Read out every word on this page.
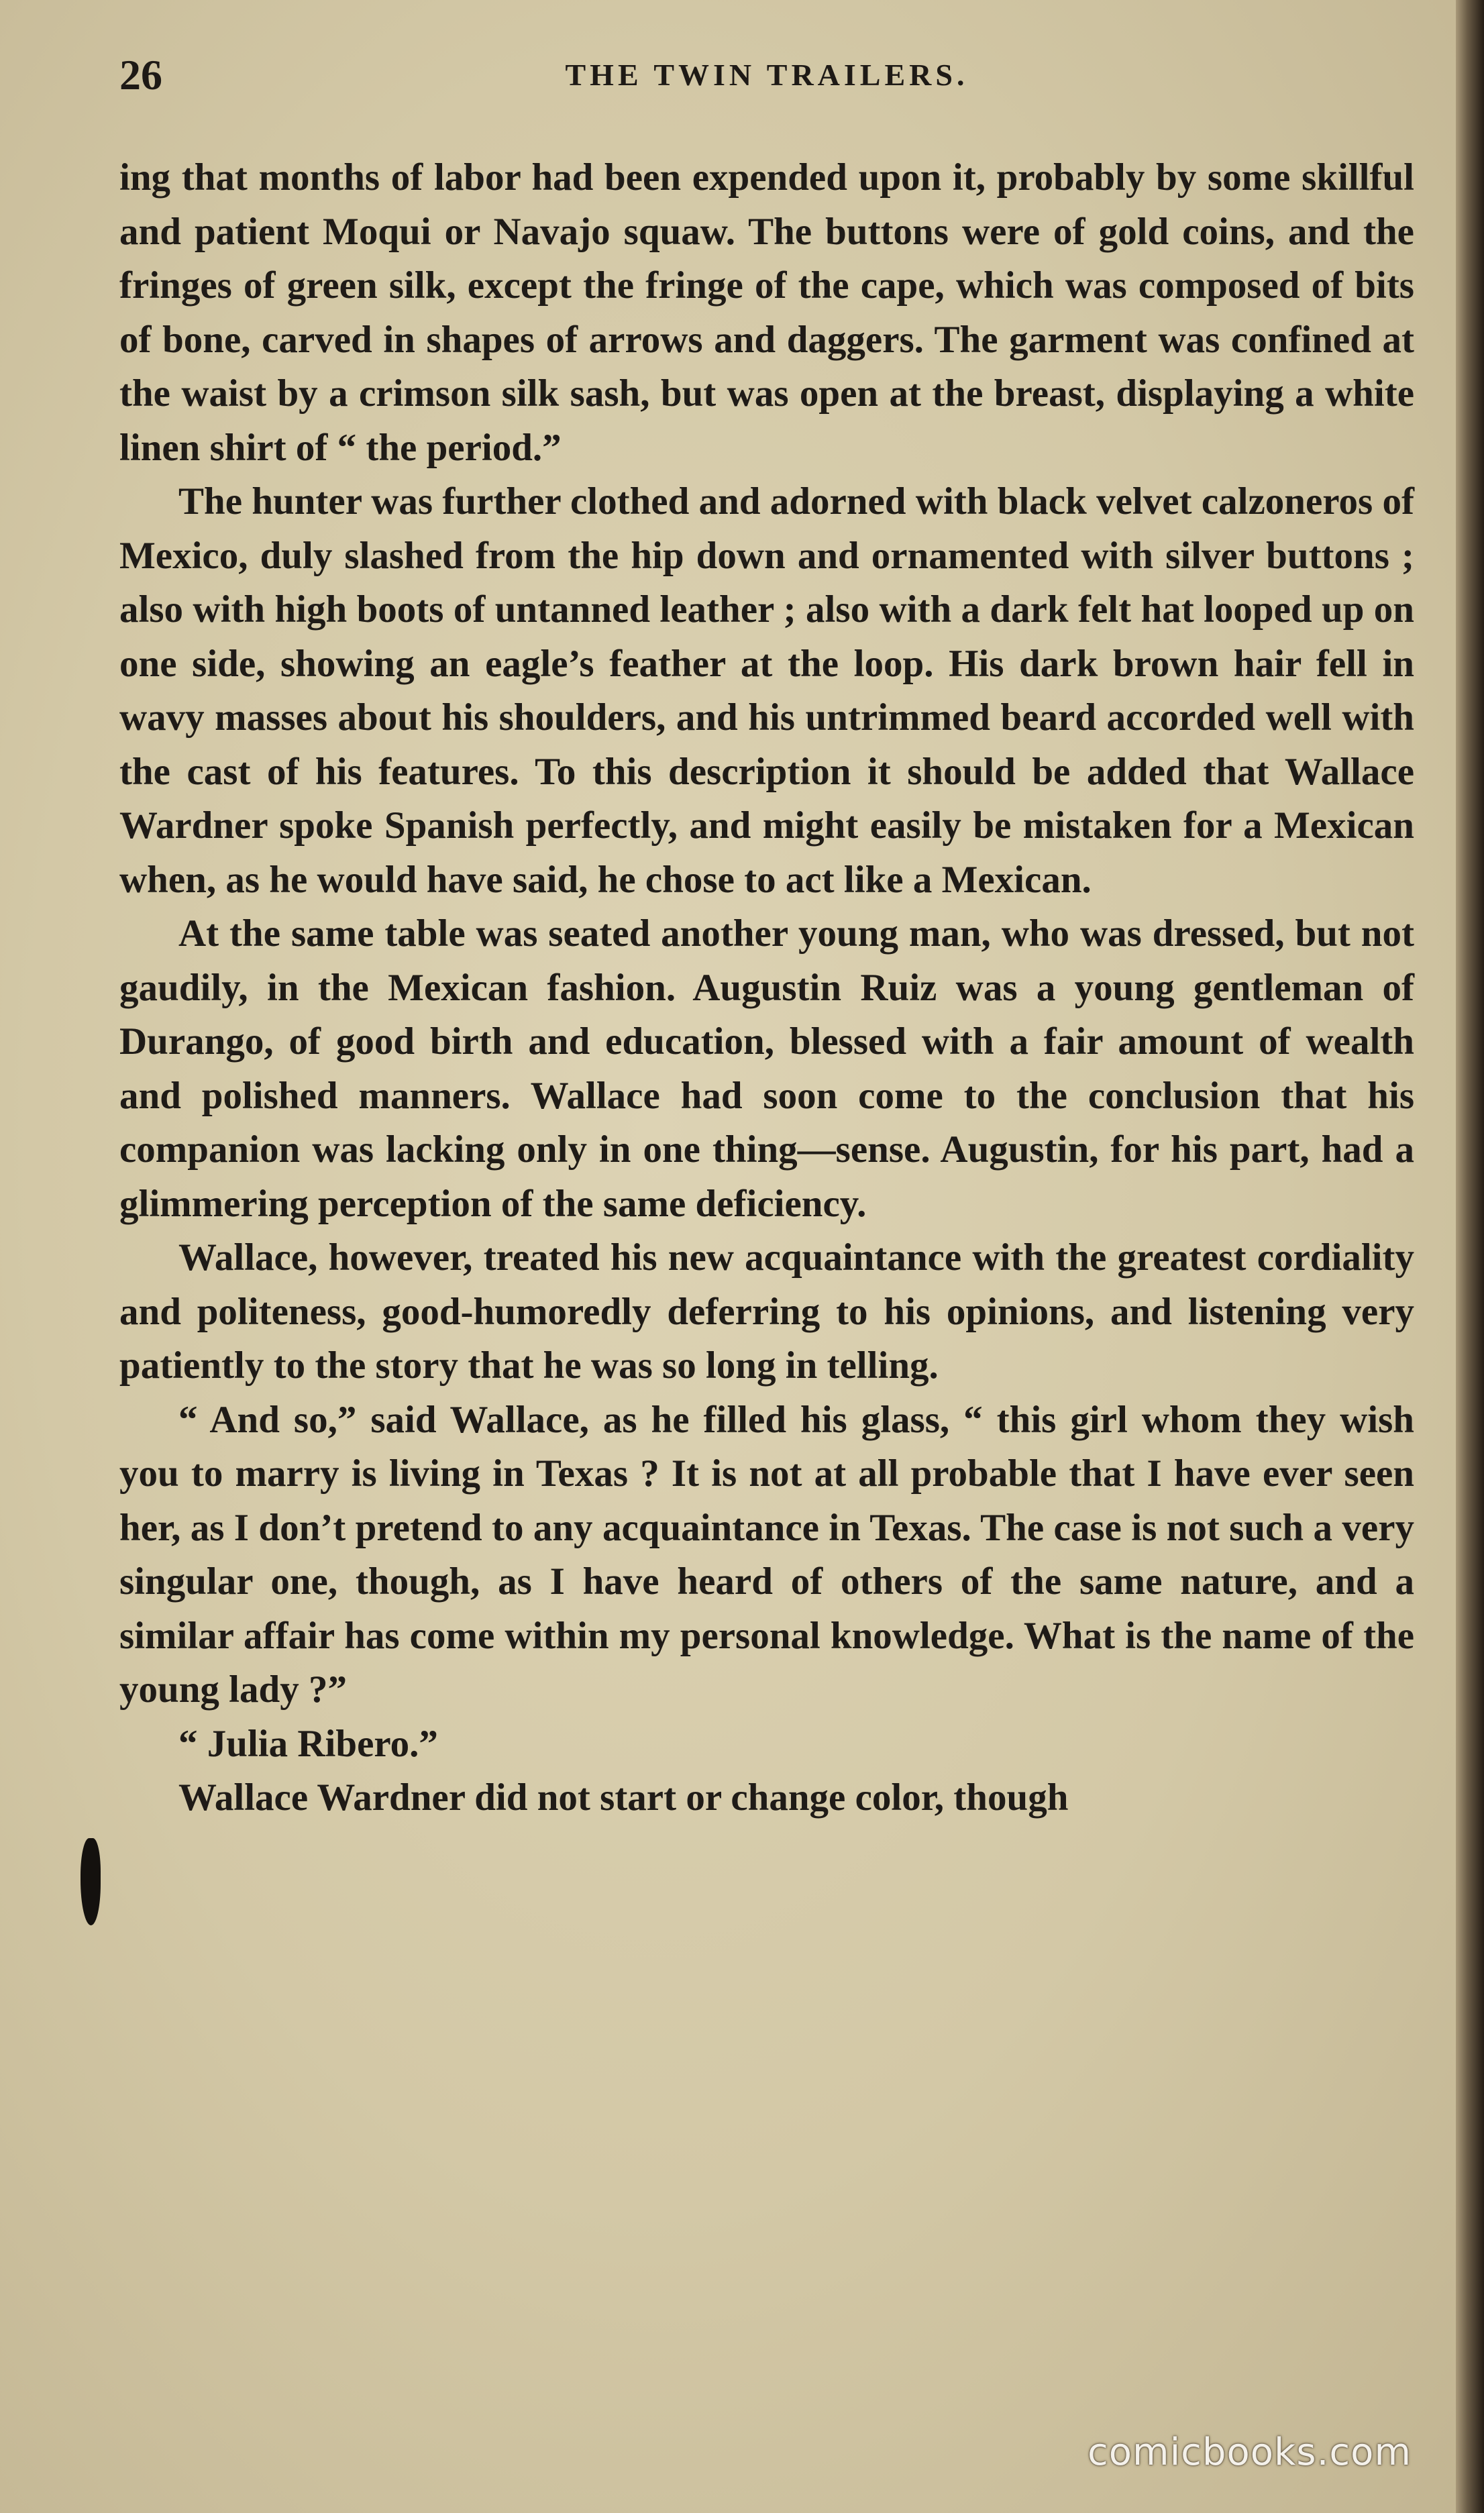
26	THE TWIN TRAILERS.

ing that months of labor had been expended upon it, probably by some skillful and patient Moqui or Navajo squaw. The buttons were of gold coins, and the fringes of green silk, except the fringe of the cape, which was composed of bits of bone, carved in shapes of arrows and daggers. The garment was confined at the waist by a crimson silk sash, but was open at the breast, displaying a white linen shirt of “ the period.”

The hunter was further clothed and adorned with black velvet calzoneros of Mexico, duly slashed from the hip down and ornamented with silver buttons ; also with high boots of untanned leather ; also with a dark felt hat looped up on one side, showing an eagle’s feather at the loop. His dark brown hair fell in wavy masses about his shoulders, and his untrimmed beard accorded well with the cast of his features. To this description it should be added that Wallace Wardner spoke Spanish perfectly, and might easily be mistaken for a Mexican when, as he would have said, he chose to act like a Mexican.

At the same table was seated another young man, who was dressed, but not gaudily, in the Mexican fashion. Augustin Ruiz was a young gentleman of Durango, of good birth and education, blessed with a fair amount of wealth and polished manners. Wallace had soon come to the conclusion that his companion was lacking only in one thing—sense. Augustin, for his part, had a glimmering perception of the same deficiency.

Wallace, however, treated his new acquaintance with the greatest cordiality and politeness, good-humoredly deferring to his opinions, and listening very patiently to the story that he was so long in telling.

“ And so,” said Wallace, as he filled his glass, “ this girl whom they wish you to marry is living in Texas ? It is not at all probable that I have ever seen her, as I don’t pretend to any acquaintance in Texas. The case is not such a very singular one, though, as I have heard of others of the same nature, and a similar affair has come within my personal knowledge. What is the name of the young lady ?”

“ Julia Ribero.”

Wallace Wardner did not start or change color, though

comicbooks.com
